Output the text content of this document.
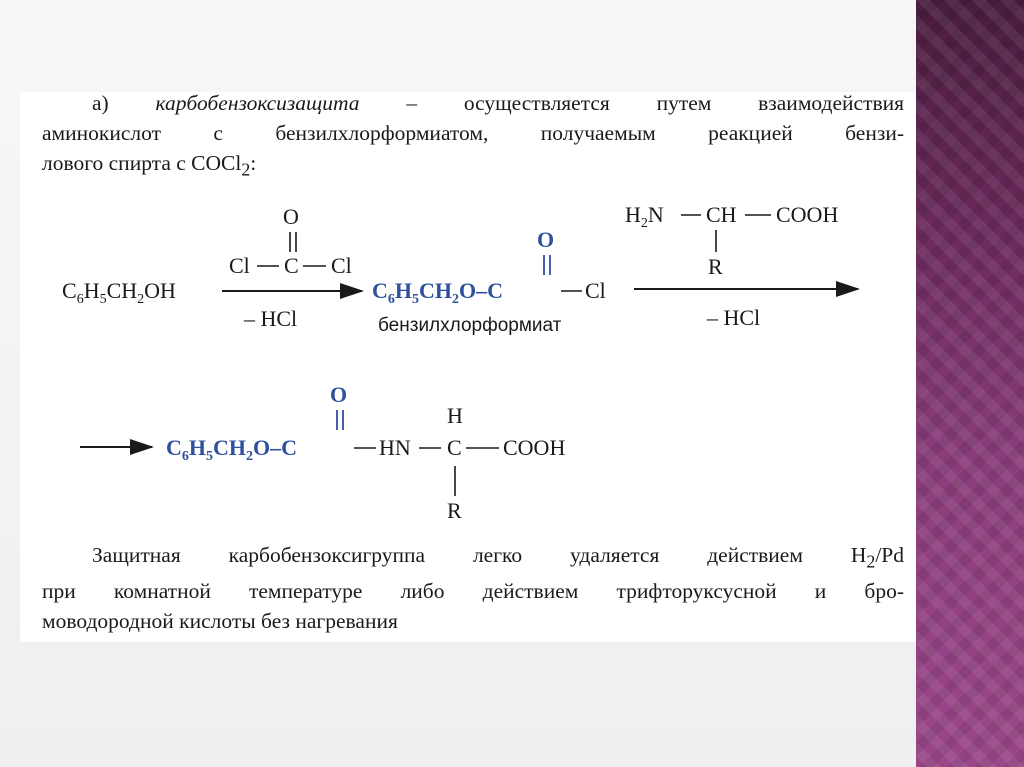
а) карбобензоксизащита – осуществляется путем взаимодействия
аминокислот с бензилхлорформиатом, получаемым реакцией бензи-
лового спирта с COCl$_2$:
$C_6H_5CH_2OH$
O
Cl C Cl
– HCl
O
$C_6H_5CH_2O-C$	Cl
бензилхлорформиат
$H_2N$ CH COOH
R
– HCl
O
$C_6H_5CH_2O-C$	HN C
H
COOH
R
Защитная карбобензоксигруппа легко удаляется действием $H_2/Pd$
при комнатной температуре либо действием трифторуксусной и бро-
моводородной кислоты без нагревания
